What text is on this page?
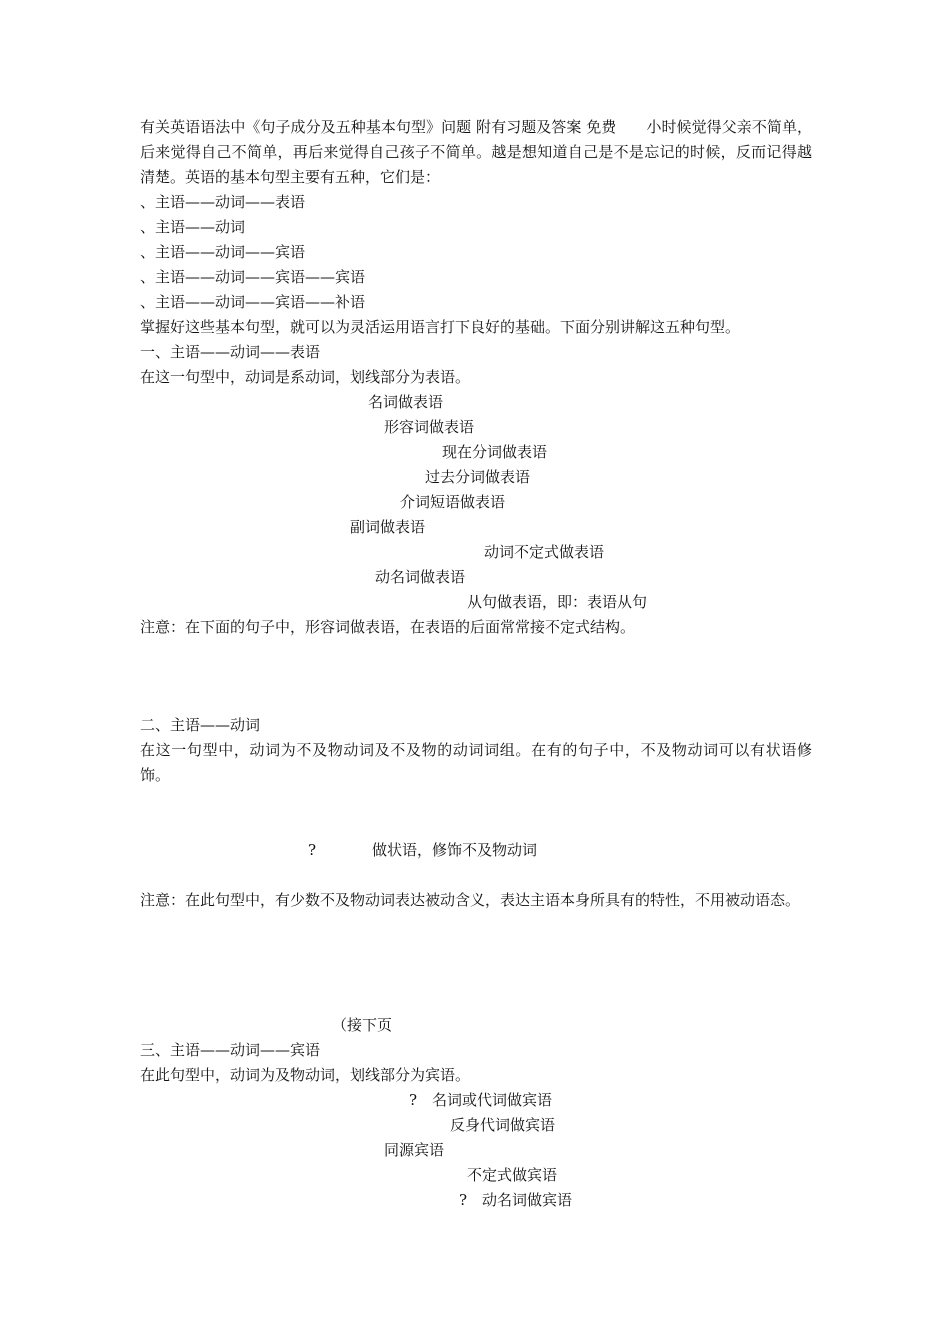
有关英语语法中《句子成分及五种基本句型》问题 附有习题及答案 免费　　小时候觉得父亲不简单，后来觉得自己不简单，再后来觉得自己孩子不简单。越是想知道自己是不是忘记的时候，反而记得越清楚。英语的基本句型主要有五种，它们是：
、主语——动词——表语
、主语——动词
、主语——动词——宾语
、主语——动词——宾语——宾语
、主语——动词——宾语——补语
掌握好这些基本句型，就可以为灵活运用语言打下良好的基础。下面分别讲解这五种句型。
一、主语——动词——表语
在这一句型中，动词是系动词，划线部分为表语。
名词做表语
形容词做表语
现在分词做表语
过去分词做表语
介词短语做表语
副词做表语
动词不定式做表语
动名词做表语
从句做表语，即：表语从句
注意：在下面的句子中，形容词做表语，在表语的后面常常接不定式结构。
二、主语——动词
在这一句型中，动词为不及物动词及不及物的动词词组。在有的句子中，不及物动词可以有状语修饰。
?	做状语，修饰不及物动词
注意：在此句型中，有少数不及物动词表达被动含义，表达主语本身所具有的特性，不用被动语态。
（接下页
三、主语——动词——宾语
在此句型中，动词为及物动词，划线部分为宾语。
?　名词或代词做宾语
反身代词做宾语
同源宾语
不定式做宾语
?　动名词做宾语
